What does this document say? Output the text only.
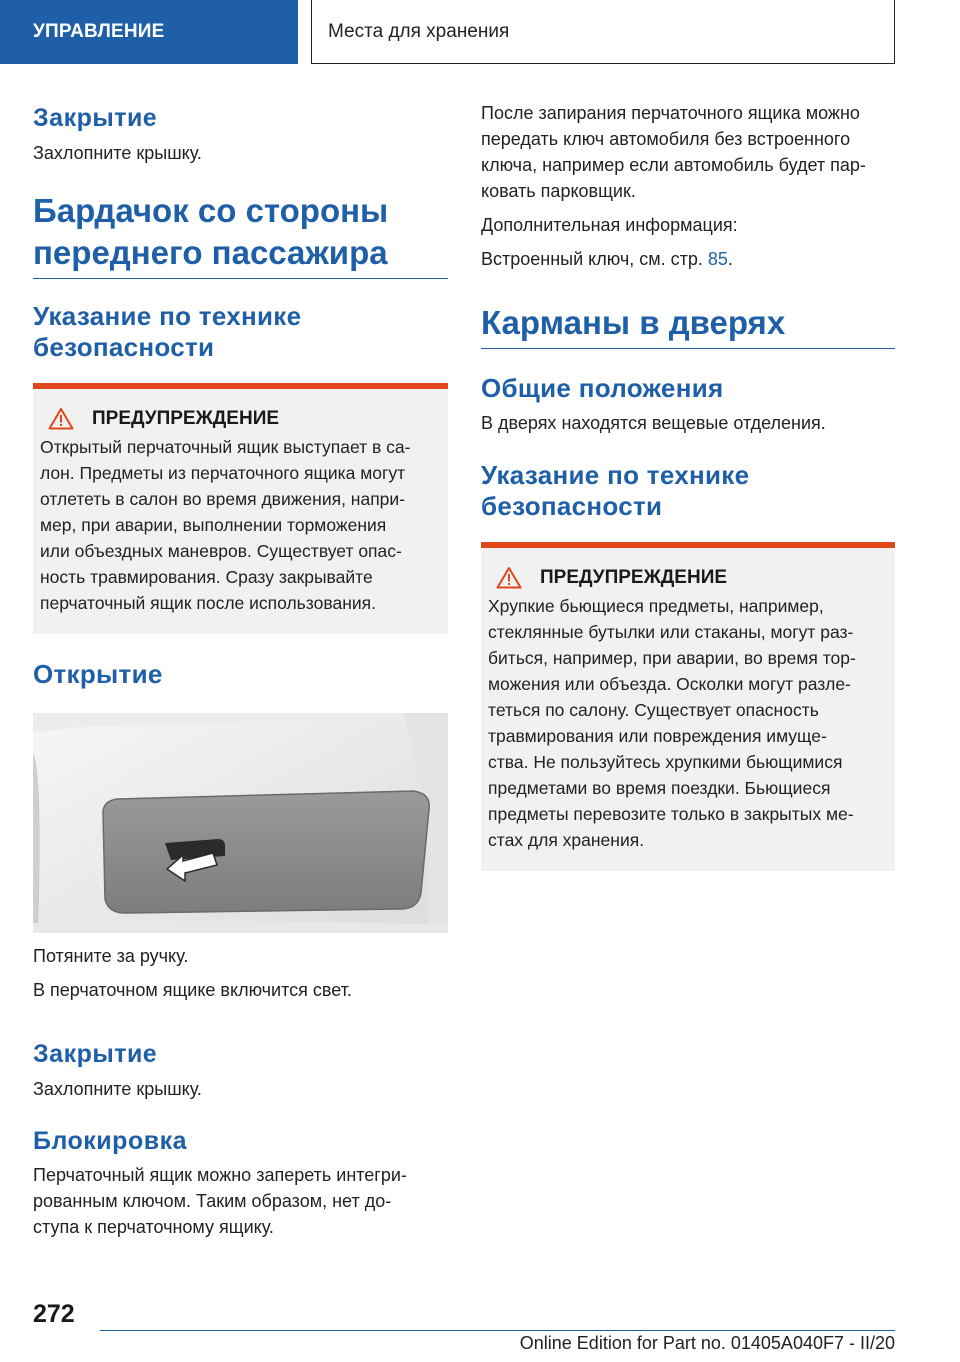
УПРАВЛЕНИЕ	Места для хранения
Закрытие

Захлопните крышку.

Бардачок со стороны
переднего пассажира
Указание по технике
безопасности
ПРЕДУПРЕЖДЕНИЕ

Открытый перчаточный ящик выступает в са-

лон. Предметы из перчаточного ящика могут

отлететь в салон во время движения, напри-

мер, при аварии, выполнении торможения

или объездных маневров. Существует опас-

ность травмирования. Сразу закрывайте

перчаточный ящик после использования.

Открытие

Потяните за ручку.

В перчаточном ящике включится свет.

Закрытие

Захлопните крышку.

Блокировка

Перчаточный ящик можно запереть интегри-

рованным ключом. Таким образом, нет до-

ступа к перчаточному ящику.

После запирания перчаточного ящика можно

передать ключ автомобиля без встроенного

ключа, например если автомобиль будет пар-

ковать парковщик.

Дополнительная информация:

Встроенный ключ, см. стр. 85.

Карманы в дверях
Общие положения

В дверях находятся вещевые отделения.

Указание по технике
безопасности
ПРЕДУПРЕЖДЕНИЕ

Хрупкие бьющиеся предметы, например,

стеклянные бутылки или стаканы, могут раз-

биться, например, при аварии, во время тор-

можения или объезда. Осколки могут разле-

теться по салону. Существует опасность

травмирования или повреждения имуще-

ства. Не пользуйтесь хрупкими бьющимися

предметами во время поездки. Бьющиеся

предметы перевозите только в закрытых ме-

стах для хранения.

272
Online Edition for Part no. 01405A040F7 - II/20
